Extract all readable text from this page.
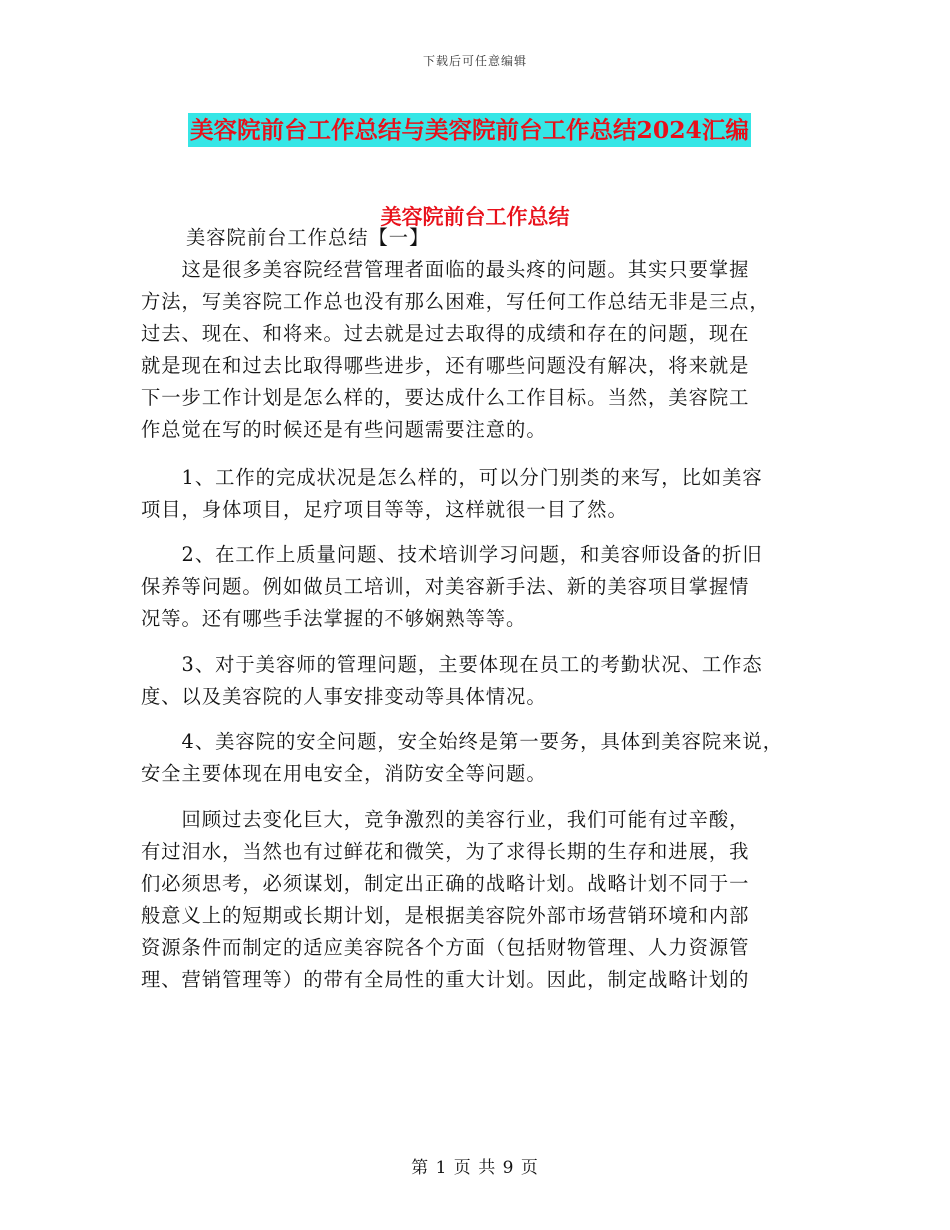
下载后可任意编辑
美容院前台工作总结与美容院前台工作总结2024汇编
美容院前台工作总结

美容院前台工作总结【一】

　　这是很多美容院经营管理者面临的最头疼的问题。其实只要掌握

方法，写美容院工作总也没有那么困难，写任何工作总结无非是三点，

过去、现在、和将来。过去就是过去取得的成绩和存在的问题，现在

就是现在和过去比取得哪些进步，还有哪些问题没有解决，将来就是

下一步工作计划是怎么样的，要达成什么工作目标。当然，美容院工

作总觉在写的时候还是有些问题需要注意的。

　　1、工作的完成状况是怎么样的，可以分门别类的来写，比如美容

项目，身体项目，足疗项目等等，这样就很一目了然。

　　2、在工作上质量问题、技术培训学习问题，和美容师设备的折旧

保养等问题。例如做员工培训，对美容新手法、新的美容项目掌握情

况等。还有哪些手法掌握的不够娴熟等等。

　　3、对于美容师的管理问题，主要体现在员工的考勤状况、工作态

度、以及美容院的人事安排变动等具体情况。

　　4、美容院的安全问题，安全始终是第一要务，具体到美容院来说，

安全主要体现在用电安全，消防安全等问题。

　　回顾过去变化巨大，竞争激烈的美容行业，我们可能有过辛酸，

有过泪水，当然也有过鲜花和微笑，为了求得长期的生存和进展，我

们必须思考，必须谋划，制定出正确的战略计划。战略计划不同于一

般意义上的短期或长期计划，是根据美容院外部市场营销环境和内部

资源条件而制定的适应美容院各个方面（包括财物管理、人力资源管

理、营销管理等）的带有全局性的重大计划。因此，制定战略计划的

第 1 页 共 9 页
